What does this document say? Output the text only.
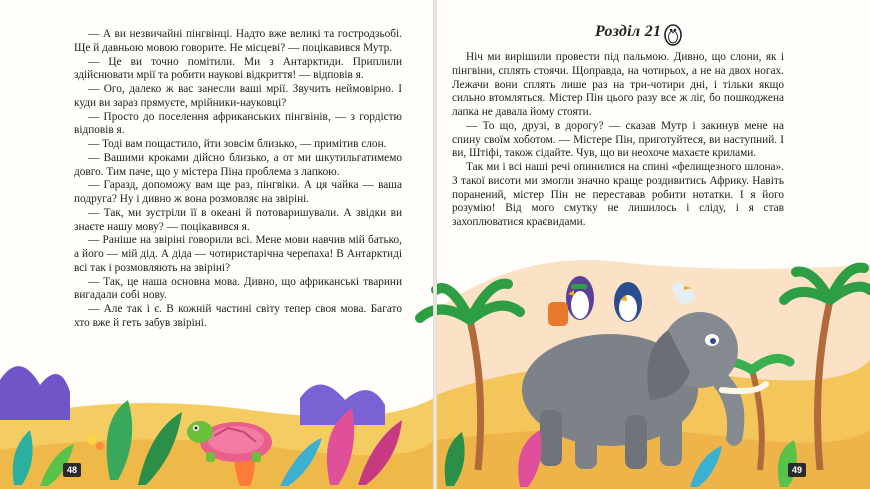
— А ви незвичайні пінгвінці. Надто вже великі та гостродзьобі. Ще й давньою мовою говорите. Не місцеві? — поцікавився Мутр.

— Це ви точно помітили. Ми з Антарктиди. Приплили здійснювати мрії та робити наукові відкриття! — відповів я.

— Ого, далеко ж вас занесли ваші мрії. Звучить неймовірно. І куди ви зараз прямуєте, мрійники-науковці?

— Просто до поселення африканських пінгвінів, — з гордістю відповів я.

— Тоді вам пощастило, йти зовсім близько, — примітив слон.

— Вашими кроками дійсно близько, а от ми шкутильгатимемо довго. Тим паче, що у містера Піна проблема з лапкою.

— Гаразд, допоможу вам ще раз, пінгвіки. А ця чайка — ваша подруга? Ну і дивно ж вона розмовляє на звіріні.

— Так, ми зустріли її в океані й потоваришували. А звідки ви знаєте нашу мову? — поцікавився я.

— Раніше на звіріні говорили всі. Мене мови навчив мій батько, а його — мій дід. А діда — чотиристарічна черепаха! В Антарктиді всі так і розмовляють на звіріні?

— Так, це наша основна мова. Дивно, що африканські тварини вигадали собі нову.

— Але так і є. В кожній частині світу тепер своя мова. Багато хто вже й геть забув звіріні.

Розділ 21

Ніч ми вирішили провести під пальмою. Дивно, що слони, як і пінгвіни, сплять стоячи. Щоправда, на чотирьох, а не на двох ногах. Лежачи вони сплять лише раз на три-чотири дні, і тільки якщо сильно втомляться. Містер Пін цього разу все ж ліг, бо пошкоджена лапка не давала йому стояти.

— То що, друзі, в дорогу? — сказав Мутр і закинув мене на спину своїм хоботом. — Містере Пін, приготуйтеся, ви наступний. І ви, Штіфі, також сідайте. Чув, що ви неохоче махаєте крилами.

Так ми і всі наші речі опинилися на спині «фелищезного шлона». З такої висоти ми змогли значно краще роздивитись Африку. Навіть поранений, містер Пін не переставав робити нотатки. І я його розумію! Від мого смутку не лишилось і сліду, і я став захоплюватися краєвидами.

48	49
